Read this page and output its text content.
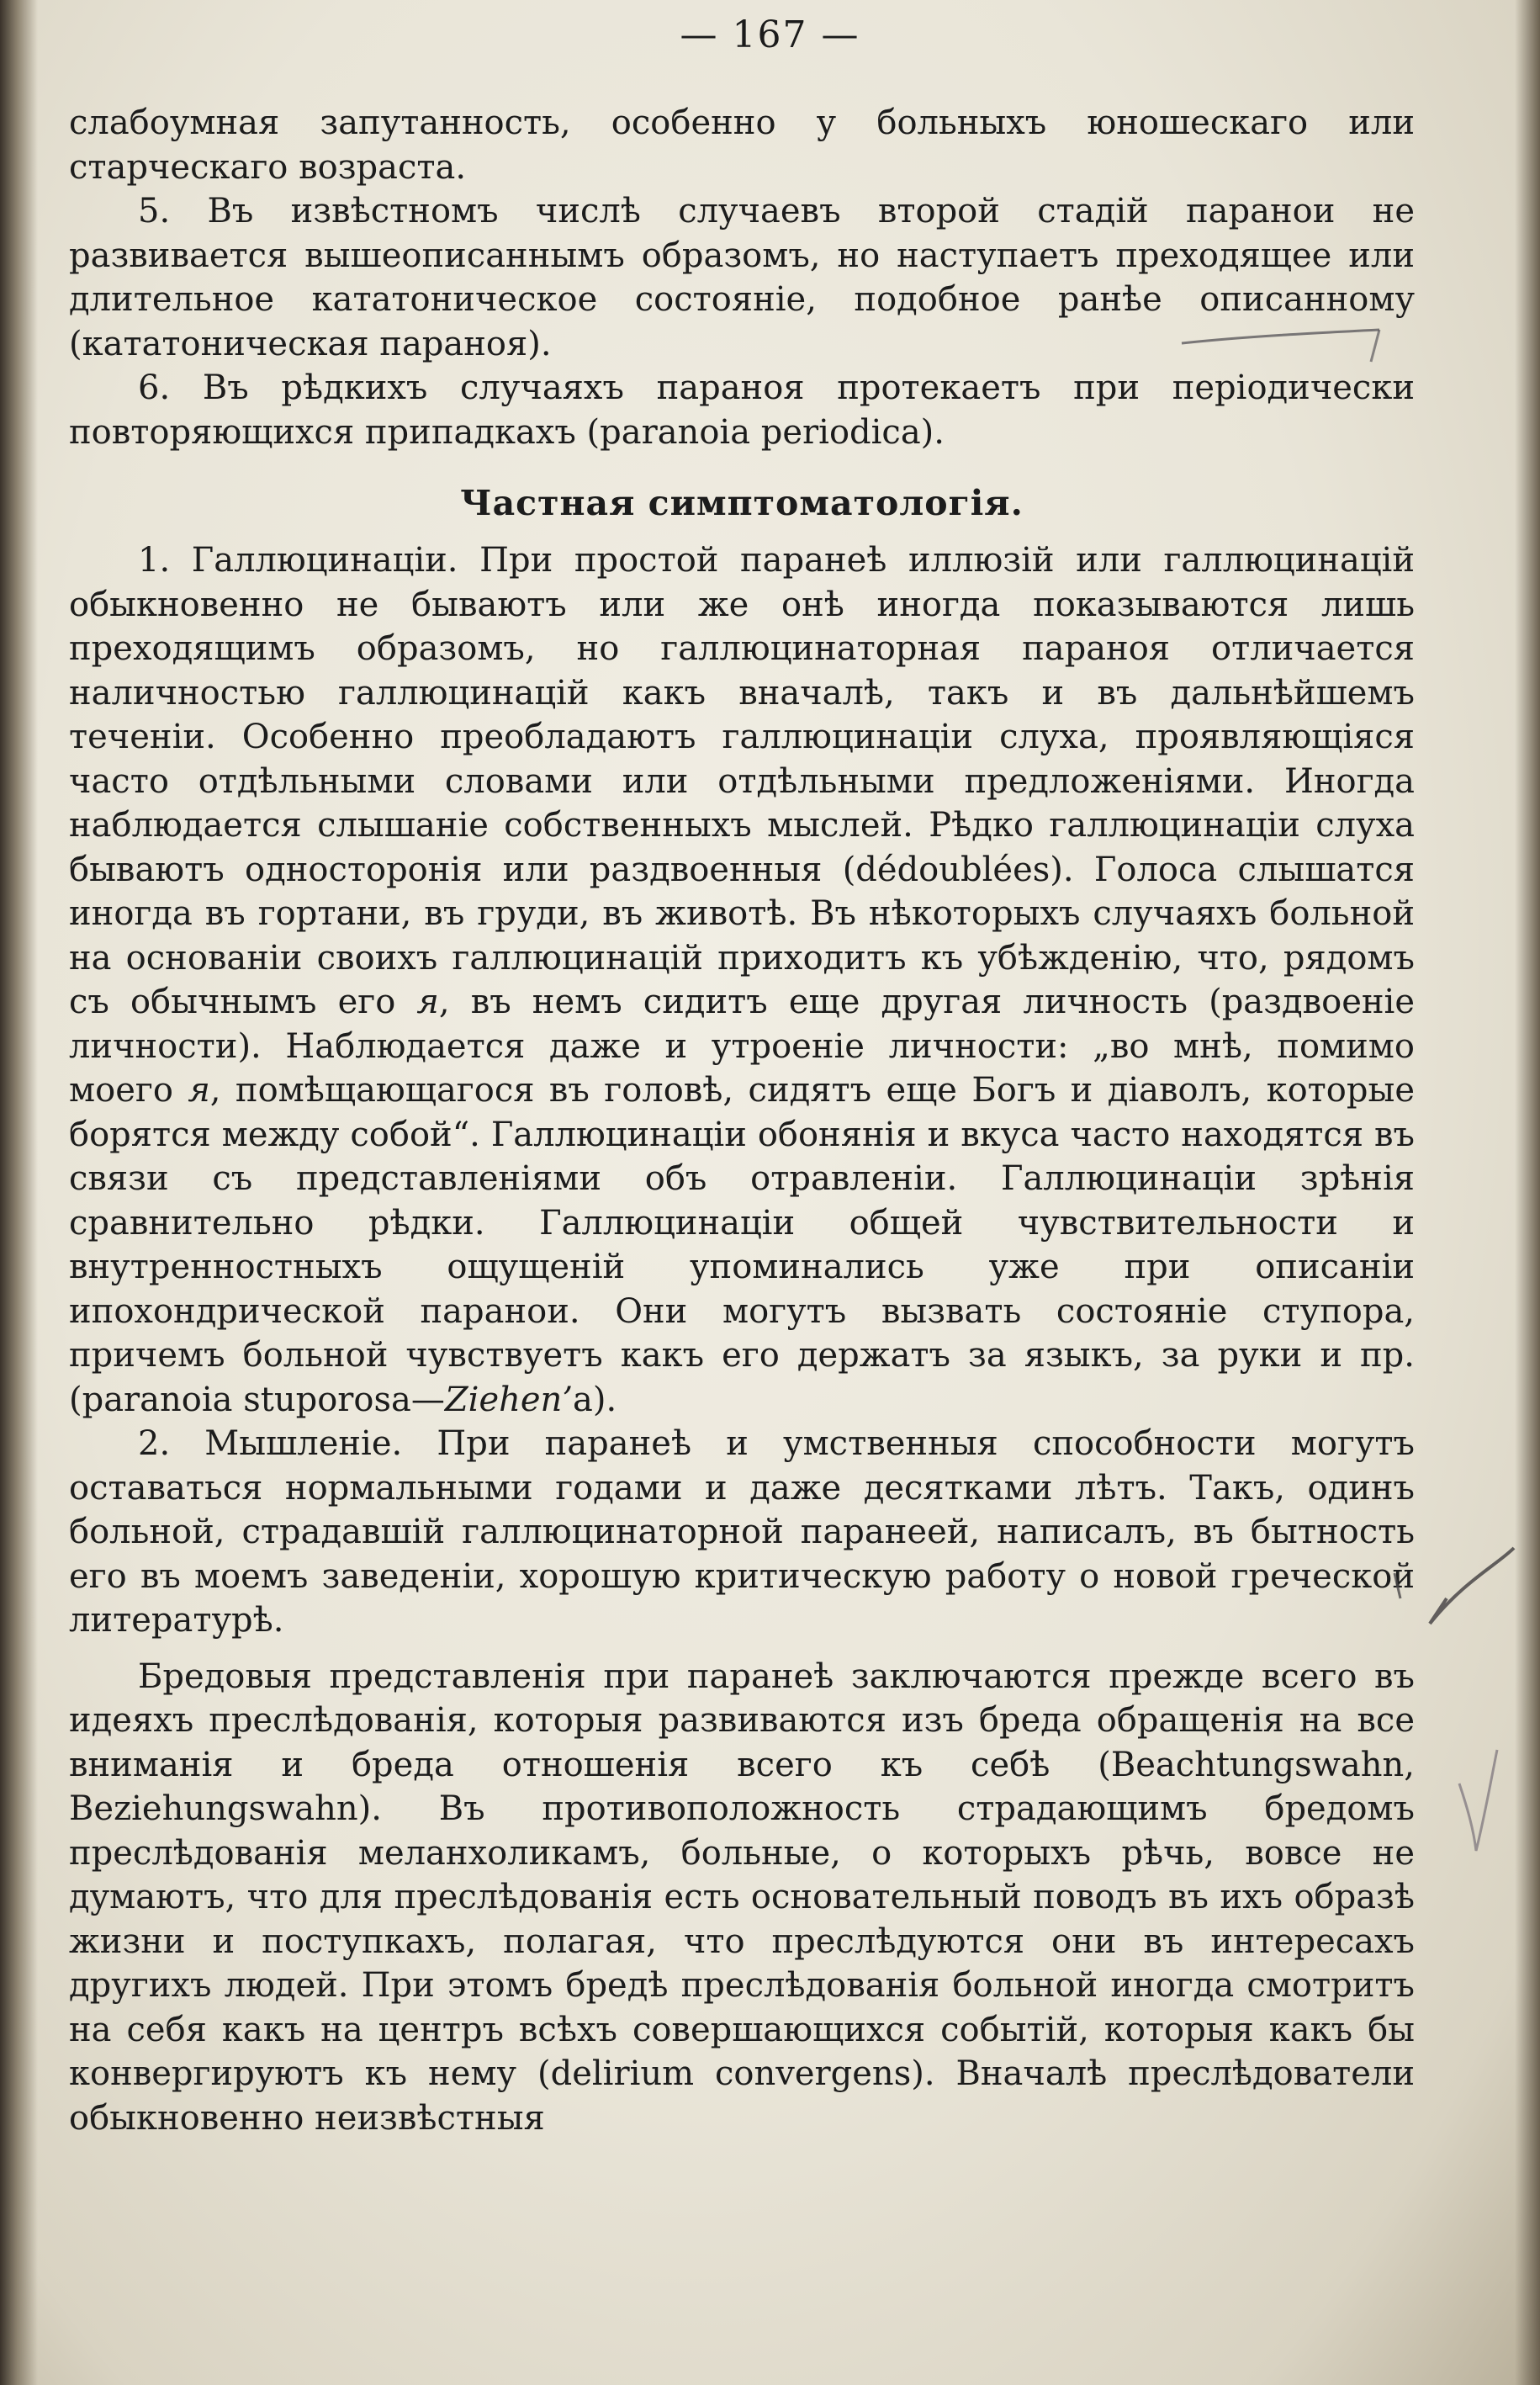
— 167 —

слабоумная запутанность, особенно у больныхъ юношескаго или старческаго возраста.

5. Въ извѣстномъ числѣ случаевъ второй стадій паранои не развивается вышеописаннымъ образомъ, но наступаетъ преходящее или длительное кататоническое состояніе, подобное ранѣе описанному (кататоническая параноя).

6. Въ рѣдкихъ случаяхъ параноя протекаетъ при періодически повторяющихся припадкахъ (paranoia periodica).

Частная симптоматологія.

1. Галлюцинаціи. При простой паранеѣ иллюзій или галлюцинацій обыкновенно не бываютъ или же онѣ иногда показываются лишь преходящимъ образомъ, но галлюцинаторная параноя отличается наличностью галлюцинацій какъ вначалѣ, такъ и въ дальнѣйшемъ теченіи. Особенно преобладаютъ галлюцинаціи слуха, проявляющіяся часто отдѣльными словами или отдѣльными предложеніями. Иногда наблюдается слышаніе собственныхъ мыслей. Рѣдко галлюцинаціи слуха бываютъ односторонія или раздвоенныя (dédoublées). Голоса слышатся иногда въ гортани, въ груди, въ животѣ. Въ нѣкоторыхъ случаяхъ больной на основаніи своихъ галлюцинацій приходитъ къ убѣжденію, что, рядомъ съ обычнымъ его я, въ немъ сидитъ еще другая личность (раздвоеніе личности). Наблюдается даже и утроеніе личности: „во мнѣ, помимо моего я, помѣщающагося въ головѣ, сидятъ еще Богъ и діаволъ, которые борятся между собой“. Галлюцинаціи обонянія и вкуса часто находятся въ связи съ представленіями объ отравленіи. Галлюцинаціи зрѣнія сравнительно рѣдки. Галлюцинаціи общей чувствительности и внутренностныхъ ощущеній упоминались уже при описаніи ипохондрической паранои. Они могутъ вызвать состояніе ступора, причемъ больной чувствуетъ какъ его держатъ за языкъ, за руки и пр. (paranoia stuporosa—Ziehen’а).

2. Мышленіе. При паранеѣ и умственныя способности могутъ оставаться нормальными годами и даже десятками лѣтъ. Такъ, одинъ больной, страдавшій галлюцинаторной паранеей, написалъ, въ бытность его въ моемъ заведеніи, хорошую критическую работу о новой греческой литературѣ.

Бредовыя представленія при паранеѣ заключаются прежде всего въ идеяхъ преслѣдованія, которыя развиваются изъ бреда обращенія на все вниманія и бреда отношенія всего къ себѣ (Beachtungswahn, Beziehungswahn). Въ противоположность страдающимъ бредомъ преслѣдованія меланхоликамъ, больные, о которыхъ рѣчь, вовсе не думаютъ, что для преслѣдованія есть основательный поводъ въ ихъ образѣ жизни и поступкахъ, полагая, что преслѣдуются они въ интересахъ другихъ людей. При этомъ бредѣ преслѣдованія больной иногда смотритъ на себя какъ на центръ всѣхъ совершающихся событій, которыя какъ бы конвергируютъ къ нему (delirium convergens). Вначалѣ преслѣдователи обыкновенно неизвѣстныя
